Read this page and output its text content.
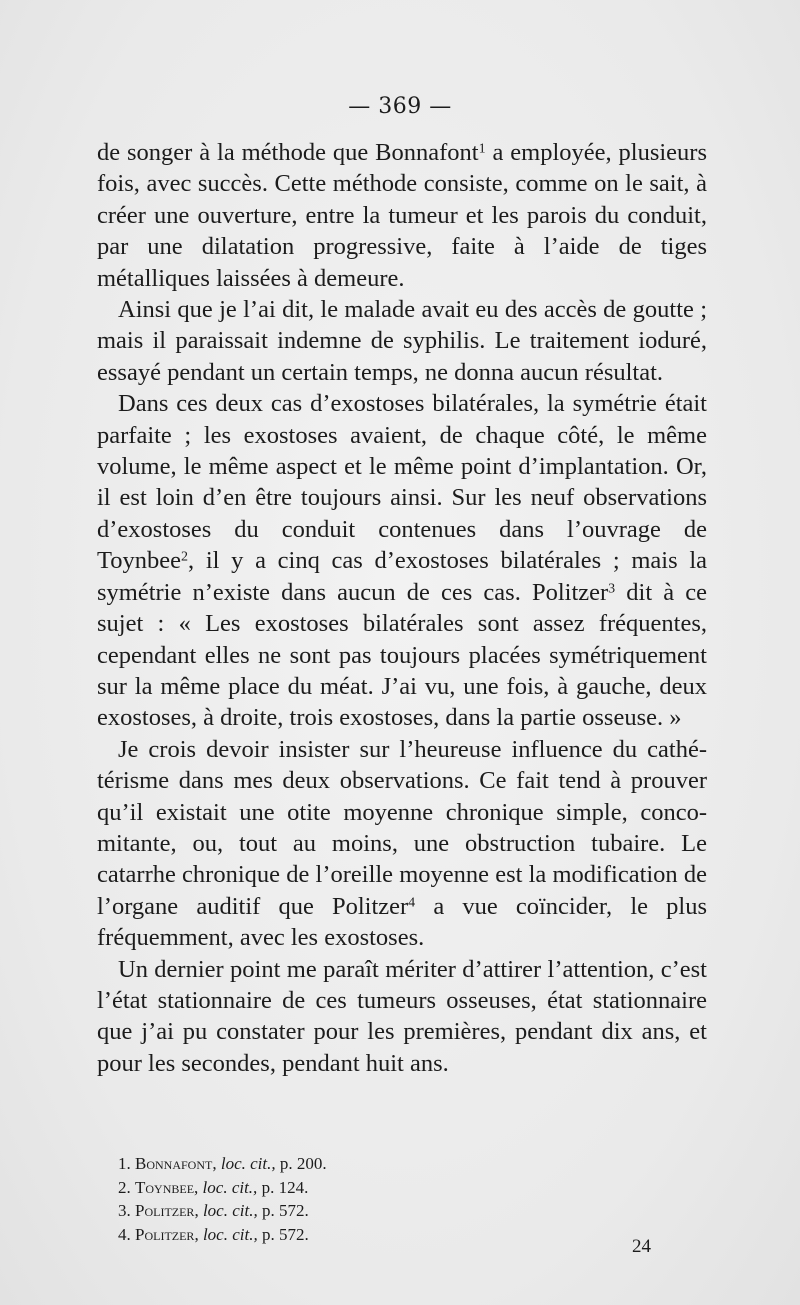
— 369 —

de songer à la méthode que Bonnafont$^1$ a employée, plusieurs fois, avec succès. Cette méthode consiste, comme on le sait, à créer une ouverture, entre la tumeur et les parois du conduit, par une dilatation progressive, faite à l’aide de tiges métalliques laissées à demeure.

Ainsi que je l’ai dit, le malade avait eu des accès de goutte ; mais il paraissait indemne de syphilis. Le traitement ioduré, essayé pendant un certain temps, ne donna aucun résultat.

Dans ces deux cas d’exostoses bilatérales, la symétrie était parfaite ; les exostoses avaient, de chaque côté, le même volume, le même aspect et le même point d’implantation. Or, il est loin d’en être toujours ainsi. Sur les neuf observations d’exostoses du conduit contenues dans l’ouvrage de Toynbee$^2$, il y a cinq cas d’exostoses bilatérales ; mais la symétrie n’existe dans aucun de ces cas. Politzer$^3$ dit à ce sujet : « Les exostoses bilatérales sont assez fréquentes, cependant elles ne sont pas toujours placées symétriquement sur la même place du méat. J’ai vu, une fois, à gauche, deux exostoses, à droite, trois exostoses, dans la partie osseuse. »

Je crois devoir insister sur l’heureuse influence du cathétérisme dans mes deux observations. Ce fait tend à prouver qu’il existait une otite moyenne chronique simple, concomitante, ou, tout au moins, une obstruction tubaire. Le catarrhe chronique de l’oreille moyenne est la modification de l’organe auditif que Politzer$^4$ a vue coïncider, le plus fréquemment, avec les exostoses.

Un dernier point me paraît mériter d’attirer l’attention, c’est l’état stationnaire de ces tumeurs osseuses, état stationnaire que j’ai pu constater pour les premières, pendant dix ans, et pour les secondes, pendant huit ans.

1. Bonnafont, loc. cit., p. 200.
2. Toynbee, loc. cit., p. 124.
3. Politzer, loc. cit., p. 572.
4. Politzer, loc. cit., p. 572.
24
